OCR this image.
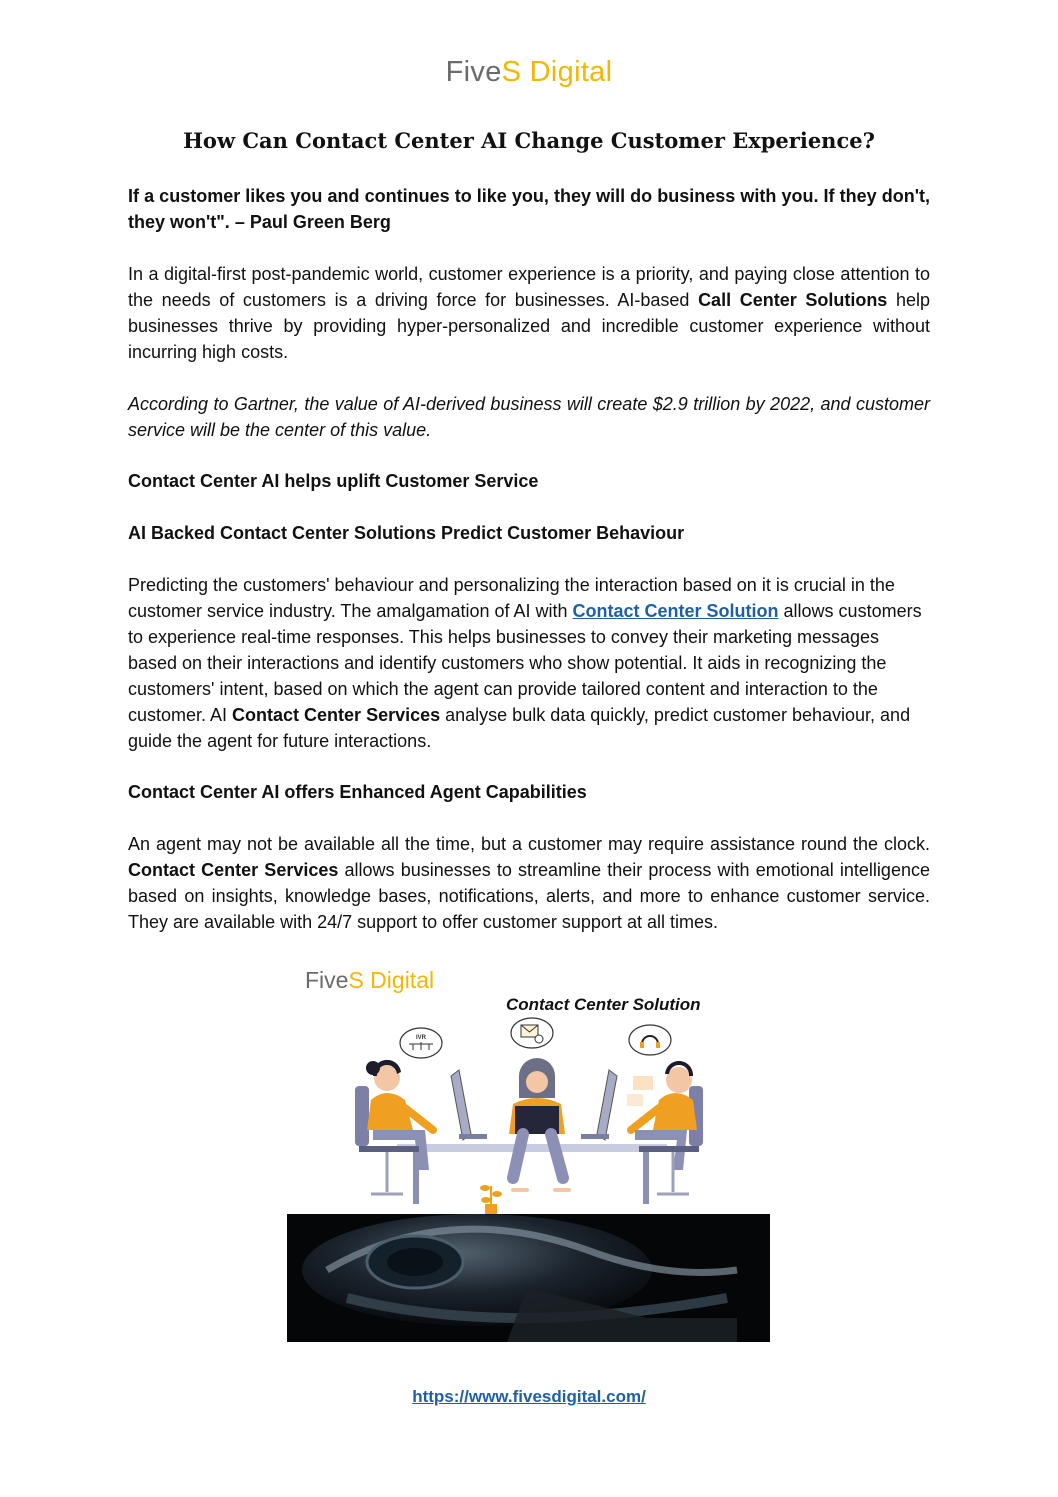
FiveS Digital
How Can Contact Center AI Change Customer Experience?
If a customer likes you and continues to like you, they will do business with you. If they don't, they won't". – Paul Green Berg
In a digital-first post-pandemic world, customer experience is a priority, and paying close attention to the needs of customers is a driving force for businesses. AI-based Call Center Solutions help businesses thrive by providing hyper-personalized and incredible customer experience without incurring high costs.
According to Gartner, the value of AI-derived business will create $2.9 trillion by 2022, and customer service will be the center of this value.
Contact Center AI helps uplift Customer Service
AI Backed Contact Center Solutions Predict Customer Behaviour
Predicting the customers' behaviour and personalizing the interaction based on it is crucial in the customer service industry. The amalgamation of AI with Contact Center Solution allows customers to experience real-time responses. This helps businesses to convey their marketing messages based on their interactions and identify customers who show potential. It aids in recognizing the customers' intent, based on which the agent can provide tailored content and interaction to the customer. AI Contact Center Services analyse bulk data quickly, predict customer behaviour, and guide the agent for future interactions.
Contact Center AI offers Enhanced Agent Capabilities
An agent may not be available all the time, but a customer may require assistance round the clock. Contact Center Services allows businesses to streamline their process with emotional intelligence based on insights, knowledge bases, notifications, alerts, and more to enhance customer service. They are available with 24/7 support to offer customer support at all times.
FiveS Digital
Contact Center Solution
IVR
https://www.fivesdigital.com/
